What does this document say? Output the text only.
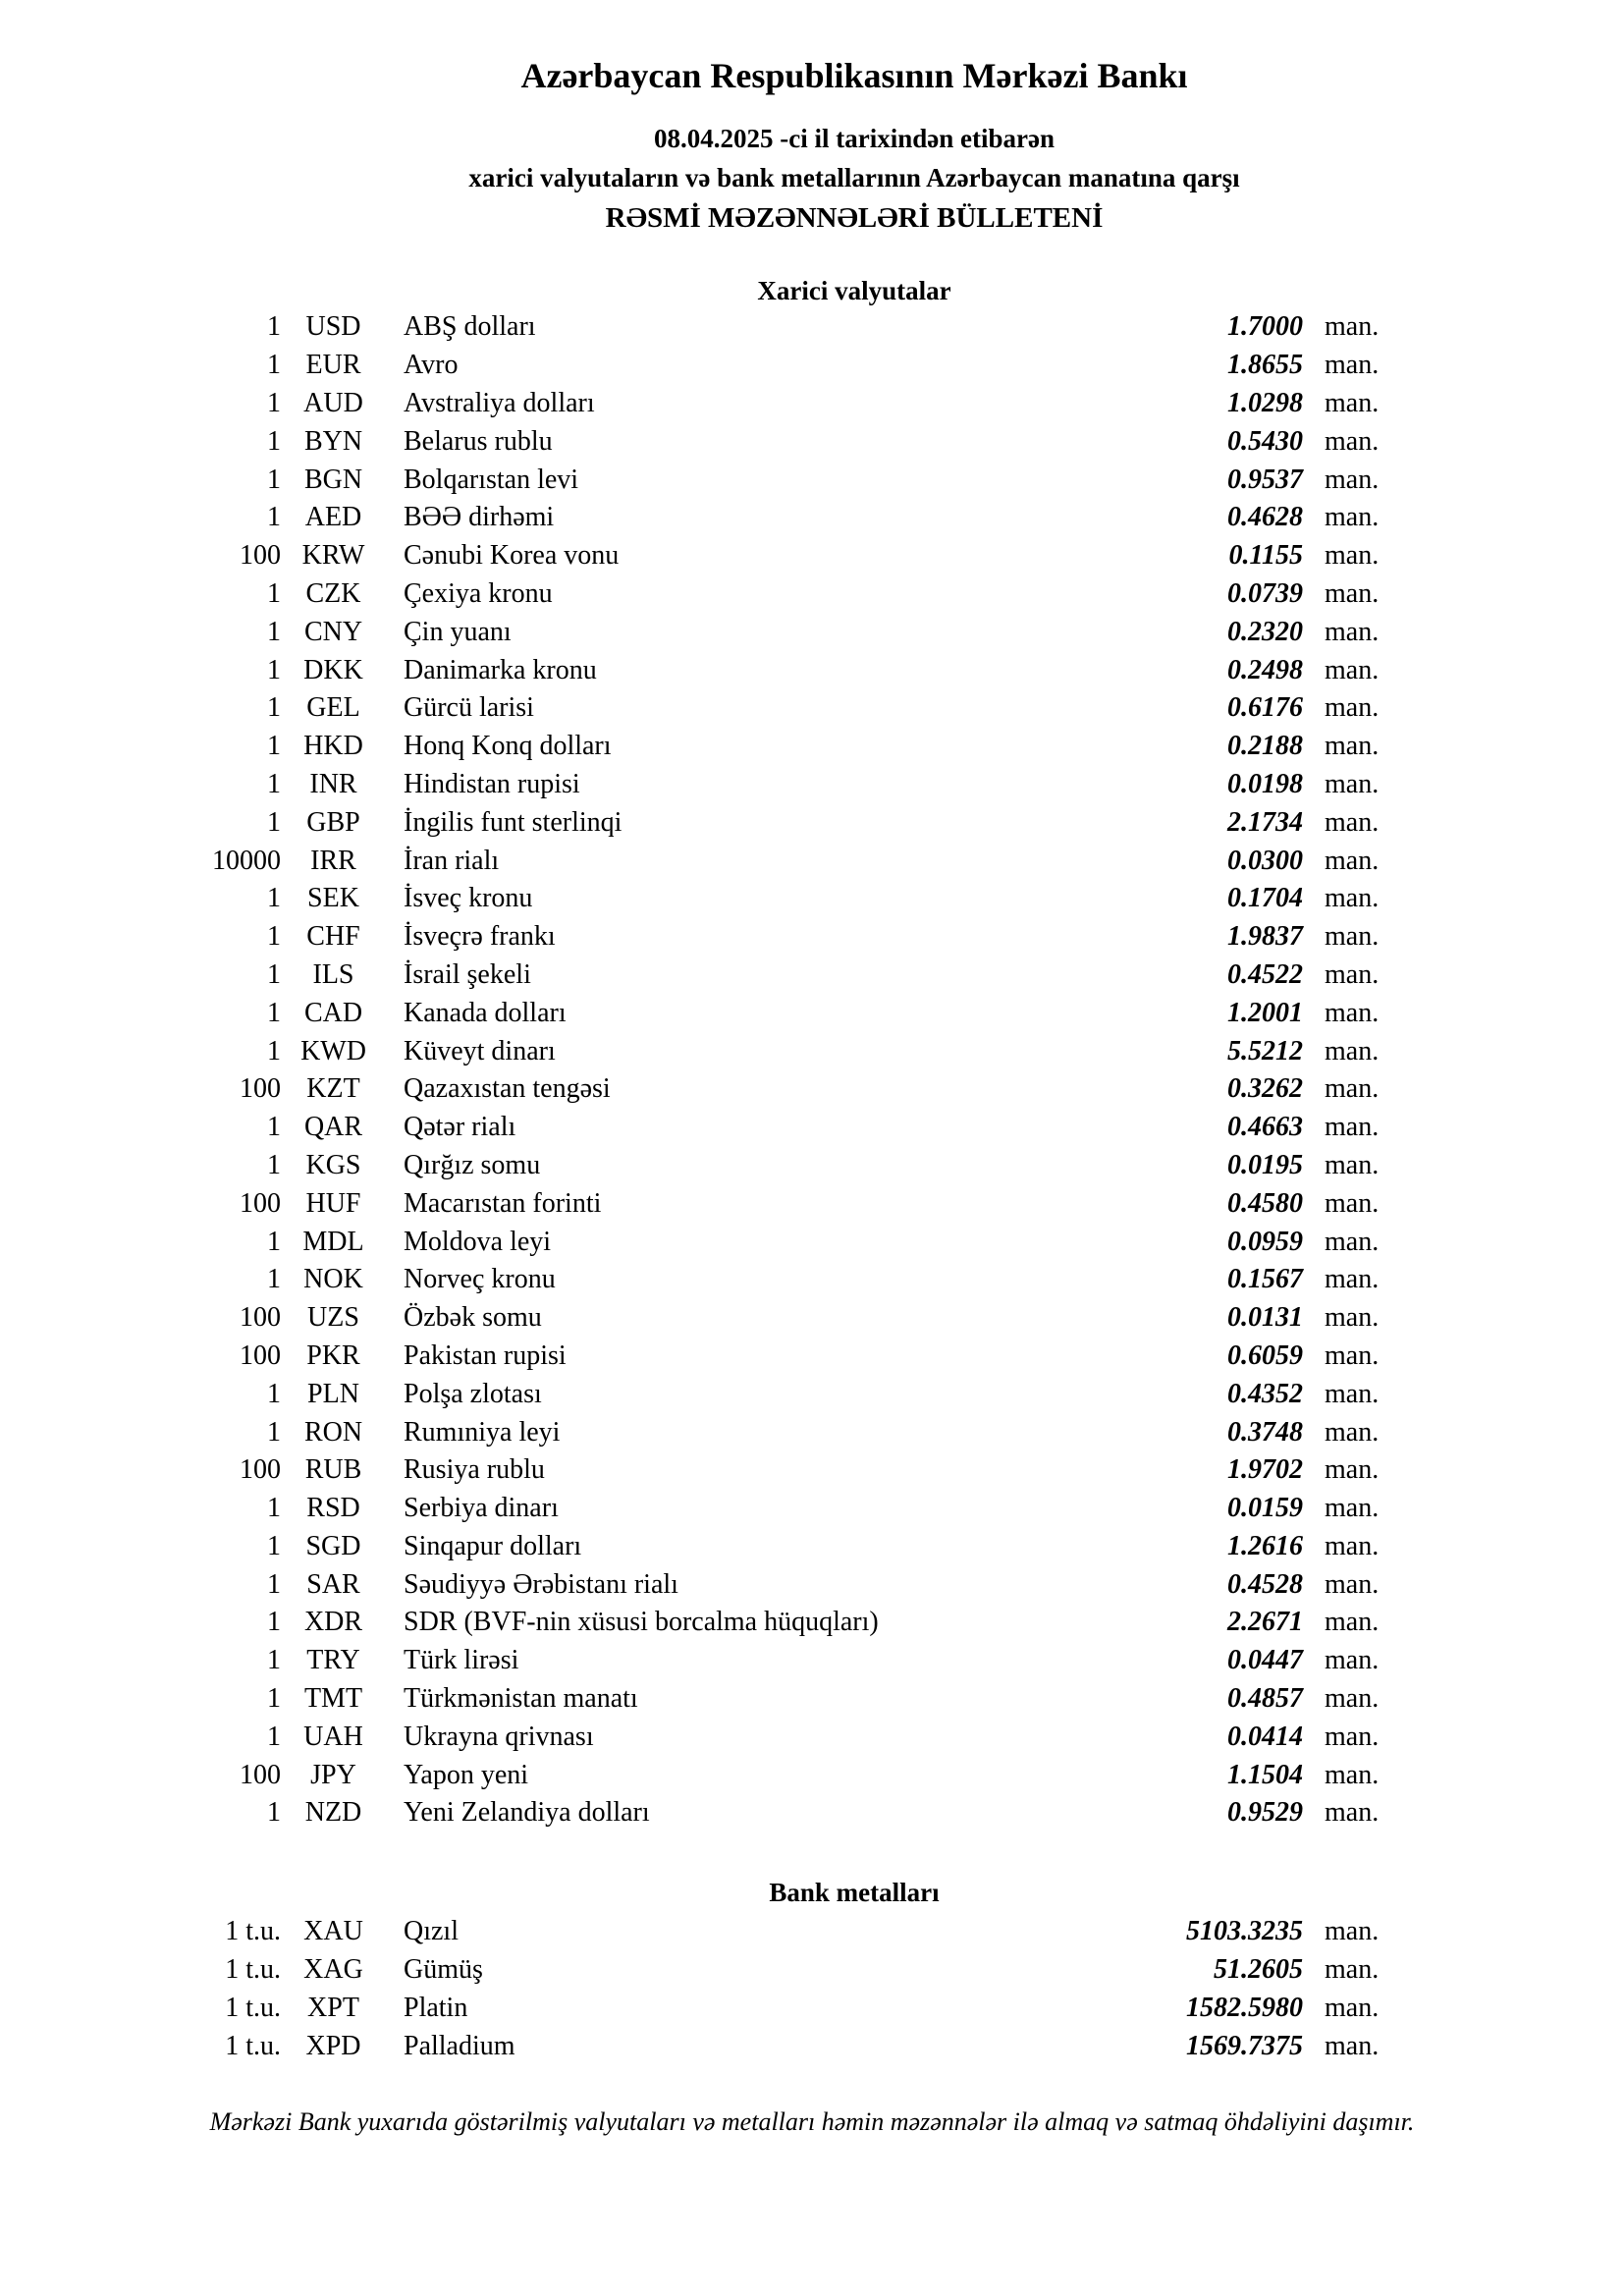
Azərbaycan Respublikasının Mərkəzi Bankı
08.04.2025 -ci il tarixindən etibarən
xarici valyutaların və bank metallarının Azərbaycan manatına qarşı
RƏSMİ MƏZƏNNƏLƏRİ BÜLLETENİ
Xarici valyutalar
1 USD	ABŞ dolları	1.7000 man.
1 EUR	Avro	1.8655 man.
1 AUD	Avstraliya dolları	1.0298 man.
1 BYN	Belarus rublu	0.5430 man.
1 BGN	Bolqarıstan levi	0.9537 man.
1 AED	BƏƏ dirhəmi	0.4628 man.
100 KRW	Cənubi Korea vonu	0.1155 man.
1 CZK	Çexiya kronu	0.0739 man.
1 CNY	Çin yuanı	0.2320 man.
1 DKK	Danimarka kronu	0.2498 man.
1 GEL	Gürcü larisi	0.6176 man.
1 HKD	Honq Konq dolları	0.2188 man.
1	INR	Hindistan rupisi	0.0198 man.
1 GBP	İngilis funt sterlinqi	2.1734 man.
10000	IRR	İran rialı	0.0300 man.
1 SEK	İsveç kronu	0.1704 man.
1 CHF	İsveçrə frankı	1.9837 man.
1	ILS	İsrail şekeli	0.4522 man.
1 CAD	Kanada dolları	1.2001 man.
1 KWD	Küveyt dinarı	5.5212 man.
100 KZT	Qazaxıstan tengəsi	0.3262 man.
1 QAR	Qətər rialı	0.4663 man.
1 KGS	Qırğız somu	0.0195 man.
100 HUF	Macarıstan forinti	0.4580 man.
1 MDL	Moldova leyi	0.0959 man.
1 NOK	Norveç kronu	0.1567 man.
100 UZS	Özbək somu	0.0131 man.
100 PKR	Pakistan rupisi	0.6059 man.
1 PLN	Polşa zlotası	0.4352 man.
1 RON	Rumıniya leyi	0.3748 man.
100 RUB	Rusiya rublu	1.9702 man.
1 RSD	Serbiya dinarı	0.0159 man.
1 SGD	Sinqapur dolları	1.2616 man.
1 SAR	Səudiyyə Ərəbistanı rialı	0.4528 man.
1 XDR	SDR (BVF-nin xüsusi borcalma hüquqları)	2.2671 man.
1 TRY	Türk lirəsi	0.0447 man.
1 TMT	Türkmənistan manatı	0.4857 man.
1 UAH	Ukrayna qrivnası	0.0414 man.
100	JPY	Yapon yeni	1.1504 man.
1 NZD	Yeni Zelandiya dolları	0.9529 man.
Bank metalları
1 t.u. XAU	Qızıl	5103.3235 man.
1 t.u. XAG	Gümüş	51.2605 man.
1 t.u. XPT	Platin	1582.5980 man.
1 t.u. XPD	Palladium	1569.7375 man.
Mərkəzi Bank yuxarıda göstərilmiş valyutaları və metalları həmin məzənnələr ilə almaq və satmaq öhdəliyini daşımır.
